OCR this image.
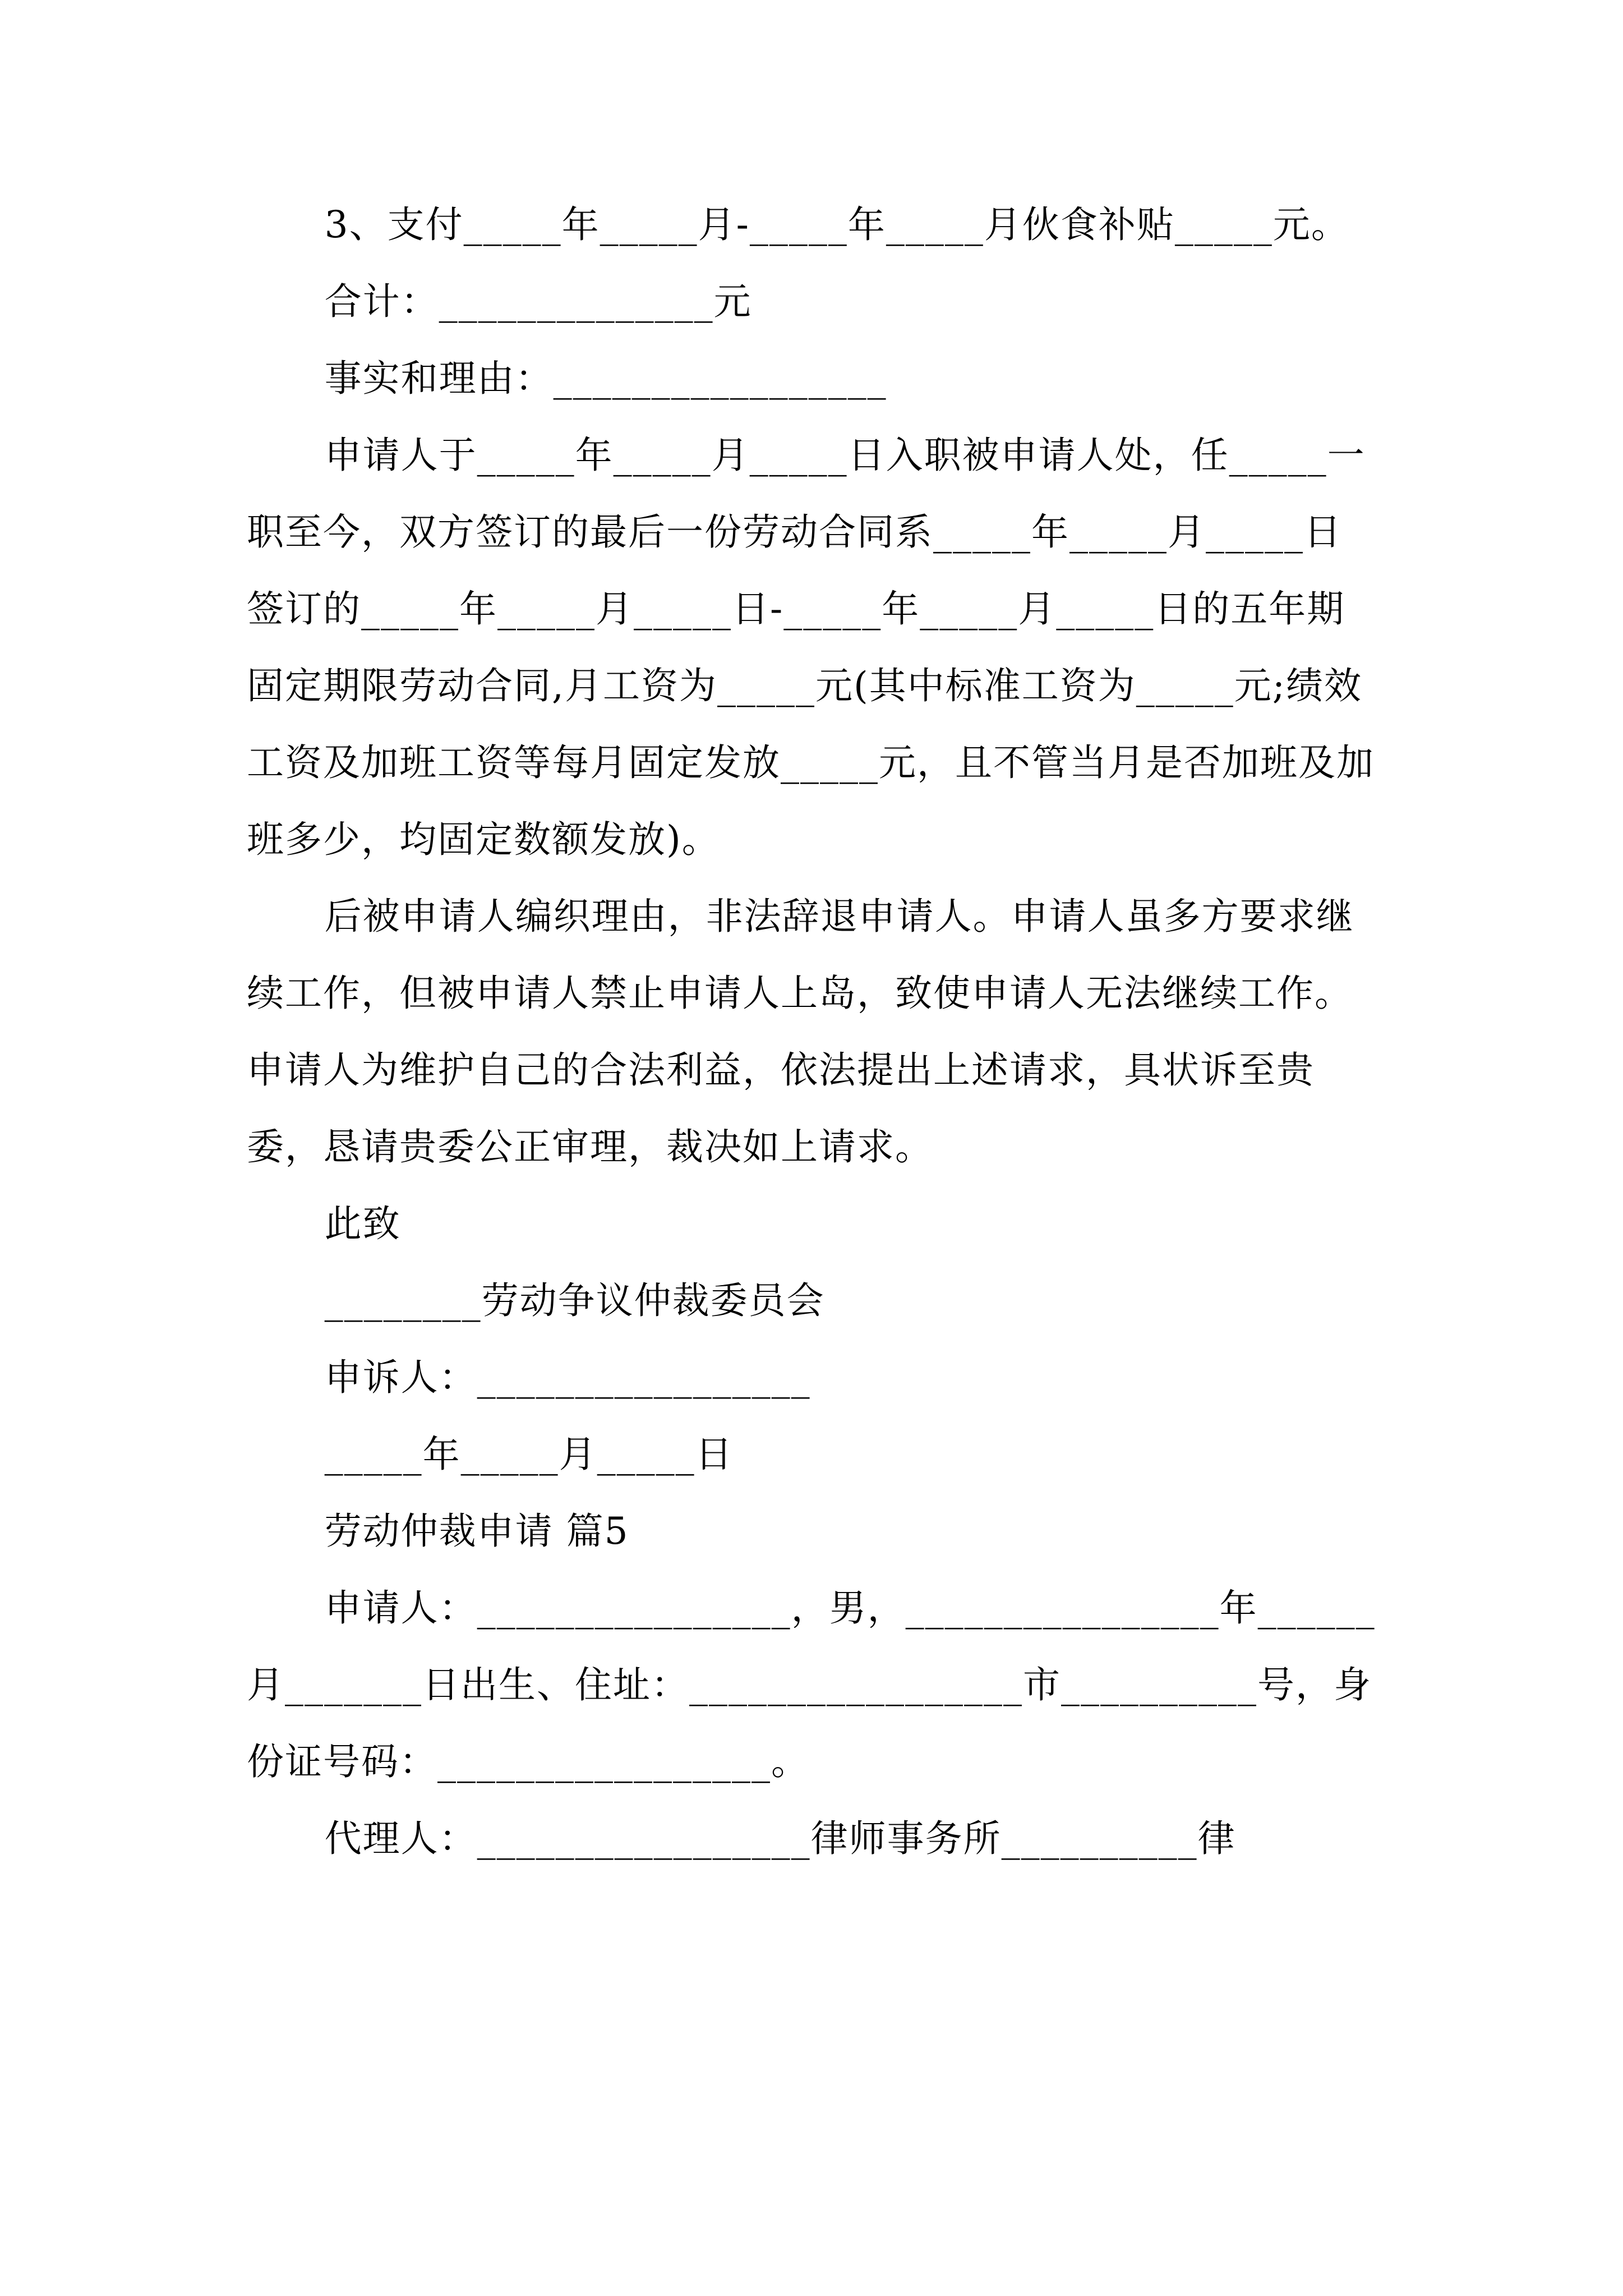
3、支付_____年_____月-_____年_____月伙食补贴_____元。

合计：______________元

事实和理由：_________________

申请人于_____年_____月_____日入职被申请人处，任_____一职至今，双方签订的最后一份劳动合同系_____年_____月_____日签订的_____年_____月_____日-_____年_____月_____日的五年期固定期限劳动合同,月工资为_____元(其中标准工资为_____元;绩效工资及加班工资等每月固定发放_____元，且不管当月是否加班及加班多少，均固定数额发放)。

后被申请人编织理由，非法辞退申请人。申请人虽多方要求继续工作，但被申请人禁止申请人上岛，致使申请人无法继续工作。申请人为维护自己的合法利益，依法提出上述请求，具状诉至贵委，恳请贵委公正审理，裁决如上请求。

此致

________劳动争议仲裁委员会

申诉人：_________________

_____年_____月_____日

劳动仲裁申请 篇5

申请人：________________，男，________________年______月_______日出生、住址：_________________市__________号，身份证号码：_________________。

代理人：_________________律师事务所__________律
